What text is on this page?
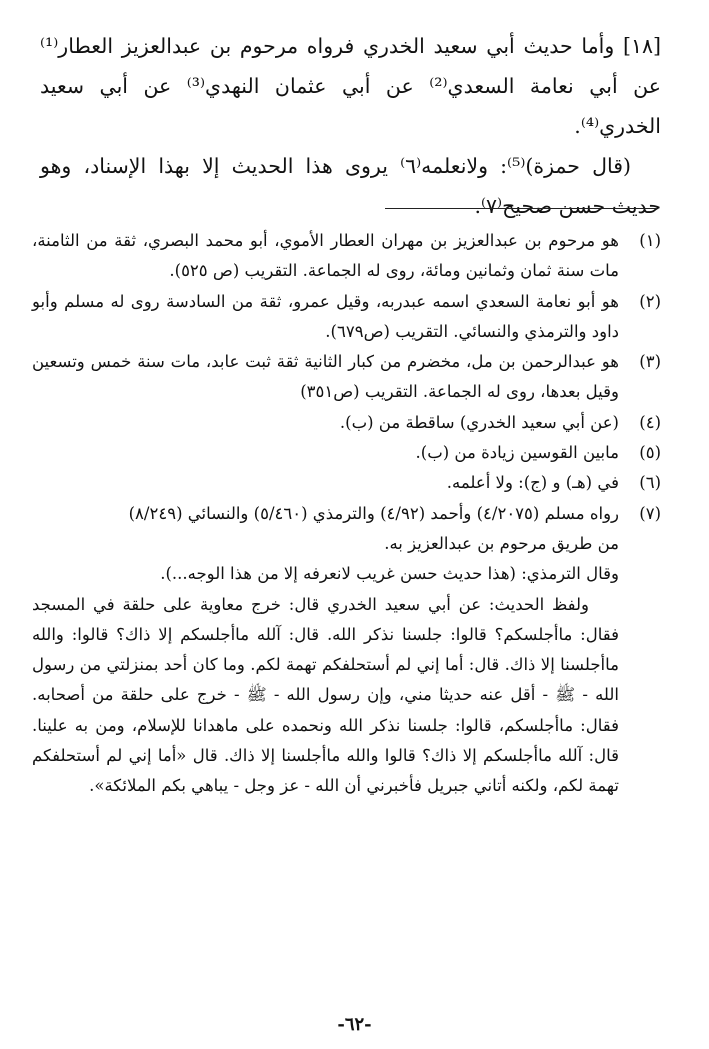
[١٨] وأما حديث أبي سعيد الخدري فرواه مرحوم بن عبدالعزيز العطار⁽¹⁾ عن أبي نعامة السعدي⁽²⁾ عن أبي عثمان النهدي⁽³⁾ عن أبي سعيد الخدري⁽⁴⁾.

(قال حمزة)⁽⁵⁾: ولانعلمه⁽٦⁾ يروى هذا الحديث إلا بهذا الإسناد، وهو حديث حسن صحيح⁽٧⁾.

(١)
هو مرحوم بن عبدالعزيز بن مهران العطار الأموي، أبو محمد البصري، ثقة من الثامنة، مات سنة ثمان وثمانين ومائة، روى له الجماعة. التقريب (ص ٥٢٥).
(٢)
هو أبو نعامة السعدي اسمه عبدربه، وقيل عمرو، ثقة من السادسة روى له مسلم وأبو داود والترمذي والنسائي. التقريب (ص٦٧٩).
(٣)
هو عبدالرحمن بن مل، مخضرم من كبار الثانية ثقة ثبت عابد، مات سنة خمس وتسعين وقيل بعدها، روى له الجماعة. التقريب (ص٣٥١)
(٤)
(عن أبي سعيد الخدري) ساقطة من (ب).
(٥)
مابين القوسين زيادة من (ب).
(٦)
في (هـ) و (ج): ولا أعلمه.
(٧)
رواه مسلم (٤/٢٠٧٥) وأحمد (٤/٩٢) والترمذي (٥/٤٦٠) والنسائي (٨/٢٤٩)
من طريق مرحوم بن عبدالعزيز به.
وقال الترمذي: (هذا حديث حسن غريب لانعرفه إلا من هذا الوجه...).
ولفظ الحديث: عن أبي سعيد الخدري قال: خرج معاوية على حلقة في المسجد فقال: ماأجلسكم؟ قالوا: جلسنا نذكر الله. قال: آلله ماأجلسكم إلا ذاك؟ قالوا: والله ماأجلسنا إلا ذاك. قال: أما إني لم أستحلفكم تهمة لكم. وما كان أحد بمنزلتي من رسول الله - ﷺ - أقل عنه حديثا مني، وإن رسول الله - ﷺ - خرج على حلقة من أصحابه. فقال: ماأجلسكم، قالوا: جلسنا نذكر الله ونحمده على ماهدانا للإسلام، ومن به علينا. قال: آلله ماأجلسكم إلا ذاك؟ قالوا والله ماأجلسنا إلا ذاك. قال «أما إني لم أستحلفكم تهمة لكم، ولكنه أتاني جبريل فأخبرني أن الله - عز وجل - يباهي بكم الملائكة».
-٦٢-
